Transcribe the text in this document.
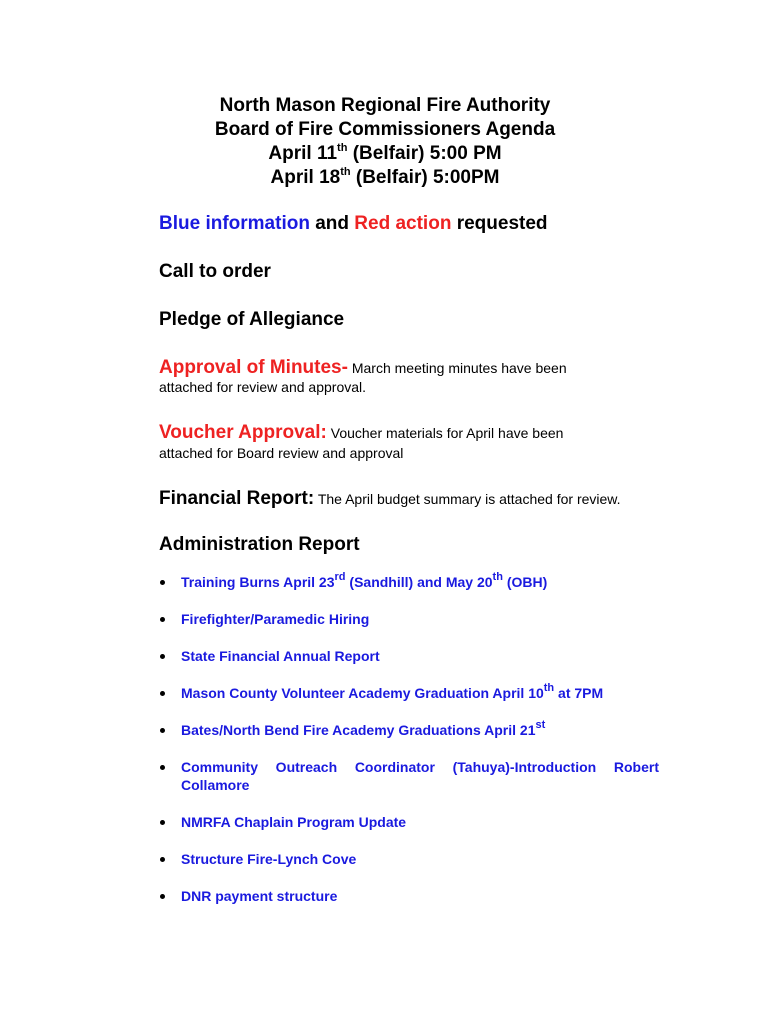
North Mason Regional Fire Authority
Board of Fire Commissioners Agenda
April 11th (Belfair) 5:00 PM
April 18th (Belfair) 5:00PM
Blue information and Red action requested
Call to order
Pledge of Allegiance
Approval of Minutes- March meeting minutes have been
attached for review and approval.
Voucher Approval: Voucher materials for April have been
attached for Board review and approval
Financial Report: The April budget summary is attached for review.
Administration Report
Training Burns April 23rd (Sandhill) and May 20th (OBH)
Firefighter/Paramedic Hiring
State Financial Annual Report
Mason County Volunteer Academy Graduation April 10th at 7PM
Bates/North Bend Fire Academy Graduations April 21st
Community Outreach Coordinator (Tahuya)-Introduction Robert Collamore
NMRFA Chaplain Program Update
Structure Fire-Lynch Cove
DNR payment structure
